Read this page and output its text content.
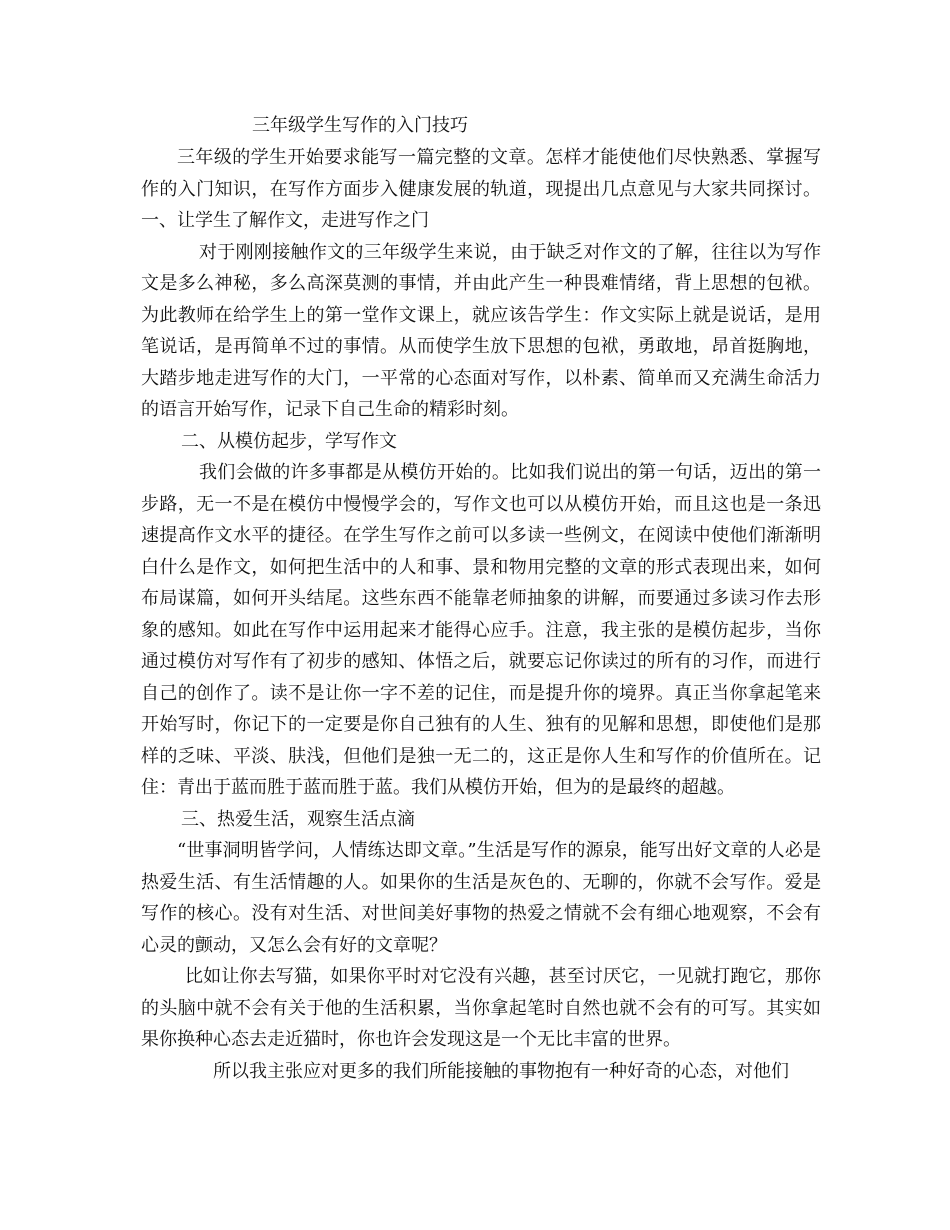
三年级学生写作的入门技巧

三年级的学生开始要求能写一篇完整的文章。怎样才能使他们尽快熟悉、掌握写作的入门知识，在写作方面步入健康发展的轨道，现提出几点意见与大家共同探讨。 一、让学生了解作文，走进写作之门

对于刚刚接触作文的三年级学生来说，由于缺乏对作文的了解，往往以为写作文是多么神秘，多么高深莫测的事情，并由此产生一种畏难情绪，背上思想的包袱。为此教师在给学生上的第一堂作文课上，就应该告学生：作文实际上就是说话，是用笔说话，是再简单不过的事情。从而使学生放下思想的包袱，勇敢地，昂首挺胸地，大踏步地走进写作的大门，一平常的心态面对写作，以朴素、简单而又充满生命活力的语言开始写作，记录下自己生命的精彩时刻。

二、从模仿起步，学写作文

我们会做的许多事都是从模仿开始的。比如我们说出的第一句话，迈出的第一步路，无一不是在模仿中慢慢学会的，写作文也可以从模仿开始，而且这也是一条迅速提高作文水平的捷径。在学生写作之前可以多读一些例文，在阅读中使他们渐渐明白什么是作文，如何把生活中的人和事、景和物用完整的文章的形式表现出来，如何布局谋篇，如何开头结尾。这些东西不能靠老师抽象的讲解，而要通过多读习作去形象的感知。如此在写作中运用起来才能得心应手。注意，我主张的是模仿起步，当你通过模仿对写作有了初步的感知、体悟之后，就要忘记你读过的所有的习作，而进行自己的创作了。读不是让你一字不差的记住，而是提升你的境界。真正当你拿起笔来开始写时，你记下的一定要是你自己独有的人生、独有的见解和思想，即使他们是那样的乏味、平淡、肤浅，但他们是独一无二的，这正是你人生和写作的价值所在。记住：青出于蓝而胜于蓝而胜于蓝。我们从模仿开始，但为的是最终的超越。

三、热爱生活，观察生活点滴

“世事洞明皆学问，人情练达即文章。”生活是写作的源泉，能写出好文章的人必是热爱生活、有生活情趣的人。如果你的生活是灰色的、无聊的，你就不会写作。爱是写作的核心。没有对生活、对世间美好事物的热爱之情就不会有细心地观察，不会有心灵的颤动，又怎么会有好的文章呢？

比如让你去写猫，如果你平时对它没有兴趣，甚至讨厌它，一见就打跑它，那你的头脑中就不会有关于他的生活积累，当你拿起笔时自然也就不会有的可写。其实如果你换种心态去走近猫时，你也许会发现这是一个无比丰富的世界。

所以我主张应对更多的我们所能接触的事物抱有一种好奇的心态，对他们
